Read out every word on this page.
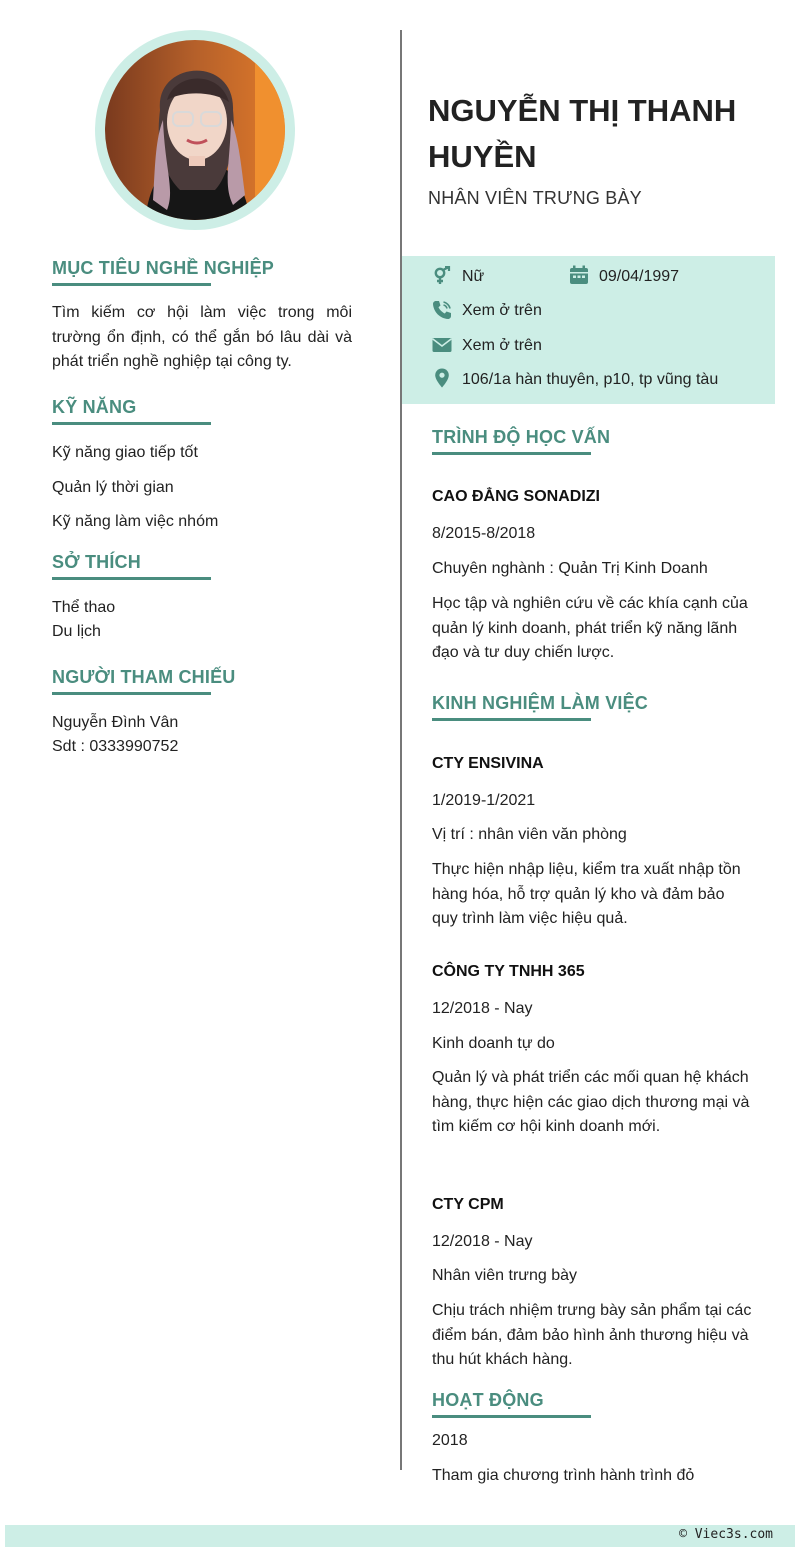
MỤC TIÊU NGHỀ NGHIỆP
Tìm kiếm cơ hội làm việc trong môi trường ổn định, có thể gắn bó lâu dài và phát triển nghề nghiệp tại công ty.
KỸ NĂNG
Kỹ năng giao tiếp tốt
Quản lý thời gian
Kỹ năng làm việc nhóm
SỞ THÍCH
Thể thao
Du lịch
NGƯỜI THAM CHIẾU
Nguyễn Đình Vân
Sdt : 0333990752
NGUYỄN THỊ THANH HUYỀN
NHÂN VIÊN TRƯNG BÀY
Nữ	09/04/1997
Xem ở trên
Xem ở trên
106/1a hàn thuyên, p10, tp vũng tàu
TRÌNH ĐỘ HỌC VẤN
CAO ĐẲNG SONADIZI
8/2015-8/2018
Chuyên nghành : Quản Trị Kinh Doanh
Học tập và nghiên cứu về các khía cạnh của quản lý kinh doanh, phát triển kỹ năng lãnh đạo và tư duy chiến lược.
KINH NGHIỆM LÀM VIỆC
CTY ENSIVINA
1/2019-1/2021
Vị trí : nhân viên văn phòng
Thực hiện nhập liệu, kiểm tra xuất nhập tồn hàng hóa, hỗ trợ quản lý kho và đảm bảo quy trình làm việc hiệu quả.
CÔNG TY TNHH 365
12/2018 - Nay
Kinh doanh tự do
Quản lý và phát triển các mối quan hệ khách hàng, thực hiện các giao dịch thương mại và tìm kiếm cơ hội kinh doanh mới.
CTY CPM
12/2018 - Nay
Nhân viên trưng bày
Chịu trách nhiệm trưng bày sản phẩm tại các điểm bán, đảm bảo hình ảnh thương hiệu và thu hút khách hàng.
HOẠT ĐỘNG
2018
Tham gia chương trình hành trình đỏ
© Viec3s.com
